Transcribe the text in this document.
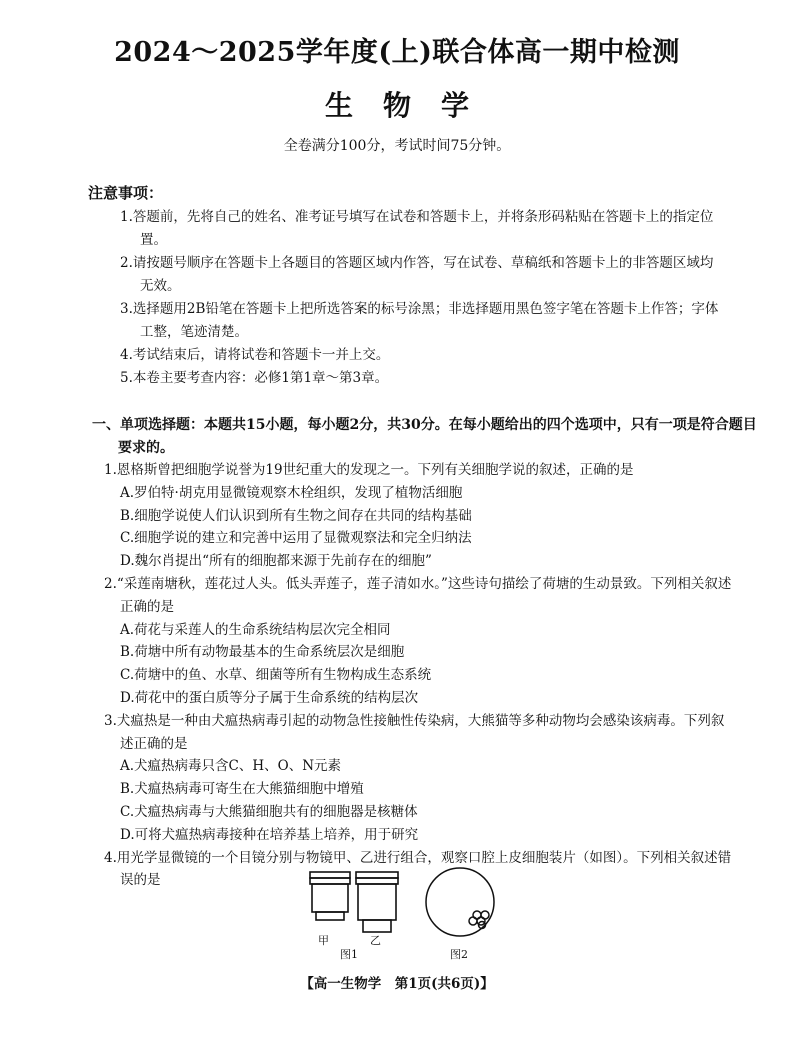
2024～2025学年度(上)联合体高一期中检测
生物学
全卷满分100分，考试时间75分钟。
注意事项：

1.答题前，先将自己的姓名、准考证号填写在试卷和答题卡上，并将条形码粘贴在答题卡上的指定位置。

2.请按题号顺序在答题卡上各题目的答题区域内作答，写在试卷、草稿纸和答题卡上的非答题区域均无效。

3.选择题用2B铅笔在答题卡上把所选答案的标号涂黑；非选择题用黑色签字笔在答题卡上作答；字体工整，笔迹清楚。

4.考试结束后，请将试卷和答题卡一并上交。

5.本卷主要考查内容：必修1第1章～第3章。

一、单项选择题：本题共15小题，每小题2分，共30分。在每小题给出的四个选项中，只有一项是符合题目要求的。

1.恩格斯曾把细胞学说誉为19世纪重大的发现之一。下列有关细胞学说的叙述，正确的是

A.罗伯特·胡克用显微镜观察木栓组织，发现了植物活细胞

B.细胞学说使人们认识到所有生物之间存在共同的结构基础

C.细胞学说的建立和完善中运用了显微观察法和完全归纳法

D.魏尔肖提出“所有的细胞都来源于先前存在的细胞”

2.“采莲南塘秋，莲花过人头。低头弄莲子，莲子清如水。”这些诗句描绘了荷塘的生动景致。下列相关叙述正确的是

A.荷花与采莲人的生命系统结构层次完全相同

B.荷塘中所有动物最基本的生命系统层次是细胞

C.荷塘中的鱼、水草、细菌等所有生物构成生态系统

D.荷花中的蛋白质等分子属于生命系统的结构层次

3.犬瘟热是一种由犬瘟热病毒引起的动物急性接触性传染病，大熊猫等多种动物均会感染该病毒。下列叙述正确的是

A.犬瘟热病毒只含C、H、O、N元素

B.犬瘟热病毒可寄生在大熊猫细胞中增殖

C.犬瘟热病毒与大熊猫细胞共有的细胞器是核糖体

D.可将犬瘟热病毒接种在培养基上培养，用于研究

4.用光学显微镜的一个目镜分别与物镜甲、乙进行组合，观察口腔上皮细胞装片（如图）。下列相关叙述错误的是

甲	乙
图1	图2
【高一生物学　第1页(共6页)】
